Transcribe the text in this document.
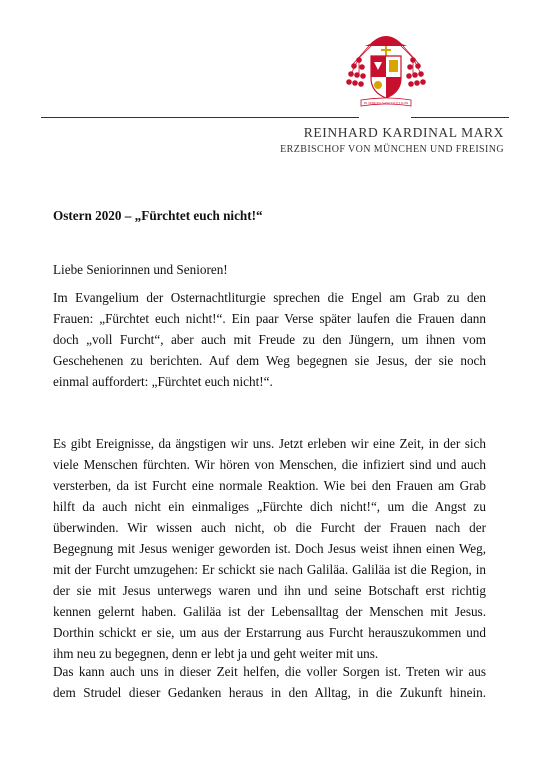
IN SPIRITU SANCTO ET IGNI
REINHARD KARDINAL MARX
ERZBISCHOF VON MÜNCHEN UND FREISING
Ostern 2020 – „Fürchtet euch nicht!“
Liebe Seniorinnen und Senioren!
Im Evangelium der Osternachtliturgie sprechen die Engel am Grab zu den
Frauen: „Fürchtet euch nicht!“. Ein paar Verse später laufen die Frauen dann
doch „voll Furcht“, aber auch mit Freude zu den Jüngern, um ihnen vom
Geschehenen zu berichten. Auf dem Weg begegnen sie Jesus, der sie noch
einmal auffordert: „Fürchtet euch nicht!“.
Es gibt Ereignisse, da ängstigen wir uns. Jetzt erleben wir eine Zeit, in der sich
viele Menschen fürchten. Wir hören von Menschen, die infiziert sind und auch
versterben, da ist Furcht eine normale Reaktion. Wie bei den Frauen am Grab
hilft da auch nicht ein einmaliges „Fürchte dich nicht!“, um die Angst zu
überwinden. Wir wissen auch nicht, ob die Furcht der Frauen nach der
Begegnung mit Jesus weniger geworden ist. Doch Jesus weist ihnen einen Weg,
mit der Furcht umzugehen: Er schickt sie nach Galiläa. Galiläa ist die Region, in
der sie mit Jesus unterwegs waren und ihn und seine Botschaft erst richtig
kennen gelernt haben. Galiläa ist der Lebensalltag der Menschen mit Jesus.
Dorthin schickt er sie, um aus der Erstarrung aus Furcht herauszukommen und
ihm neu zu begegnen, denn er lebt ja und geht weiter mit uns.
Das kann auch uns in dieser Zeit helfen, die voller Sorgen ist. Treten wir aus
dem Strudel dieser Gedanken heraus in den Alltag, in die Zukunft hinein.
